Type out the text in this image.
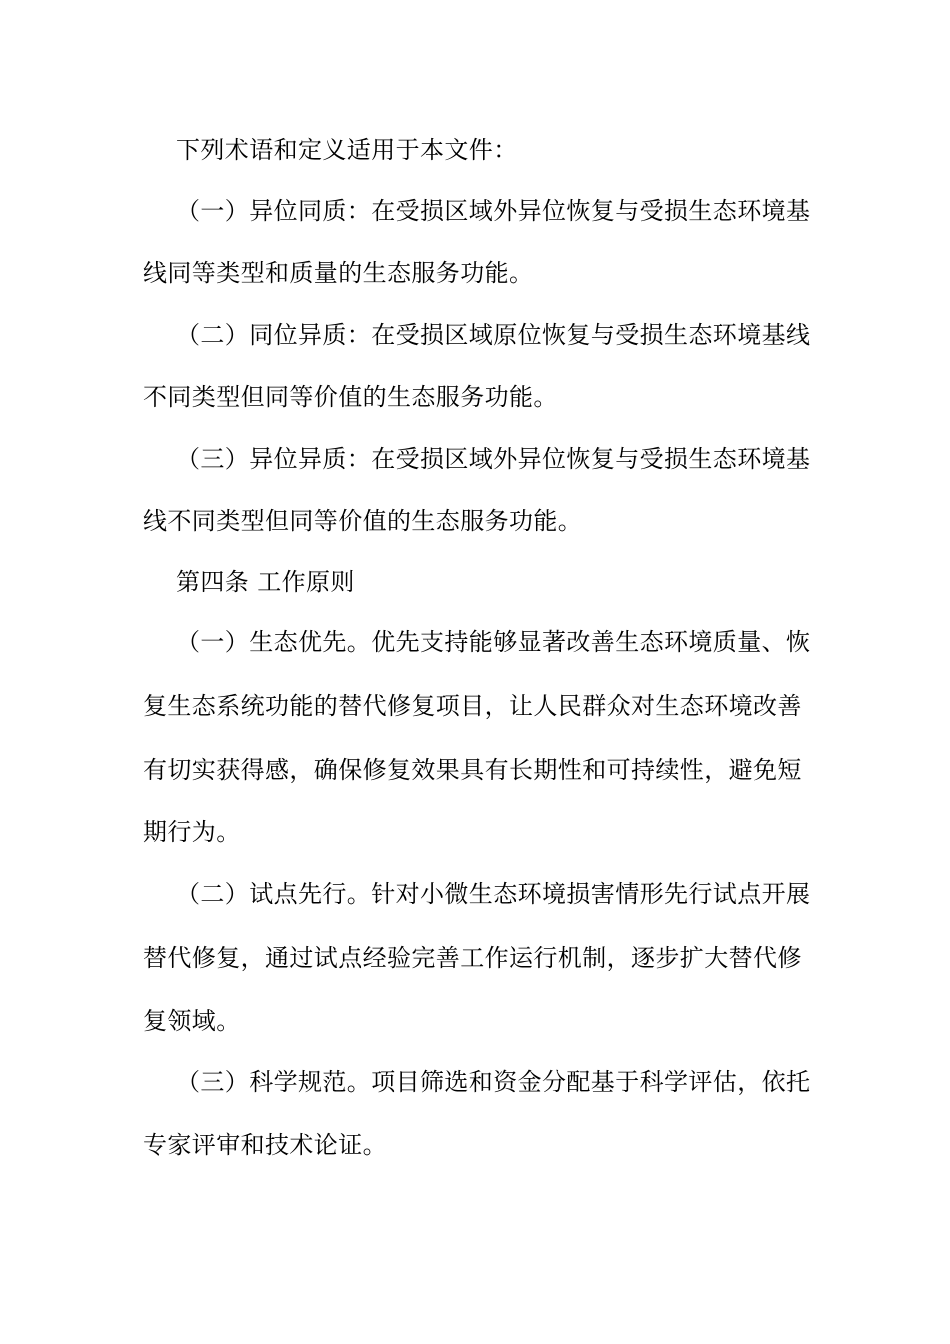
下列术语和定义适用于本文件：
（一）异位同质：在受损区域外异位恢复与受损生态环境基
线同等类型和质量的生态服务功能。
（二）同位异质：在受损区域原位恢复与受损生态环境基线
不同类型但同等价值的生态服务功能。
（三）异位异质：在受损区域外异位恢复与受损生态环境基
线不同类型但同等价值的生态服务功能。
第四条 工作原则
（一）生态优先。优先支持能够显著改善生态环境质量、恢
复生态系统功能的替代修复项目，让人民群众对生态环境改善
有切实获得感，确保修复效果具有长期性和可持续性，避免短
期行为。
（二）试点先行。针对小微生态环境损害情形先行试点开展
替代修复，通过试点经验完善工作运行机制，逐步扩大替代修
复领域。
（三）科学规范。项目筛选和资金分配基于科学评估，依托
专家评审和技术论证。
